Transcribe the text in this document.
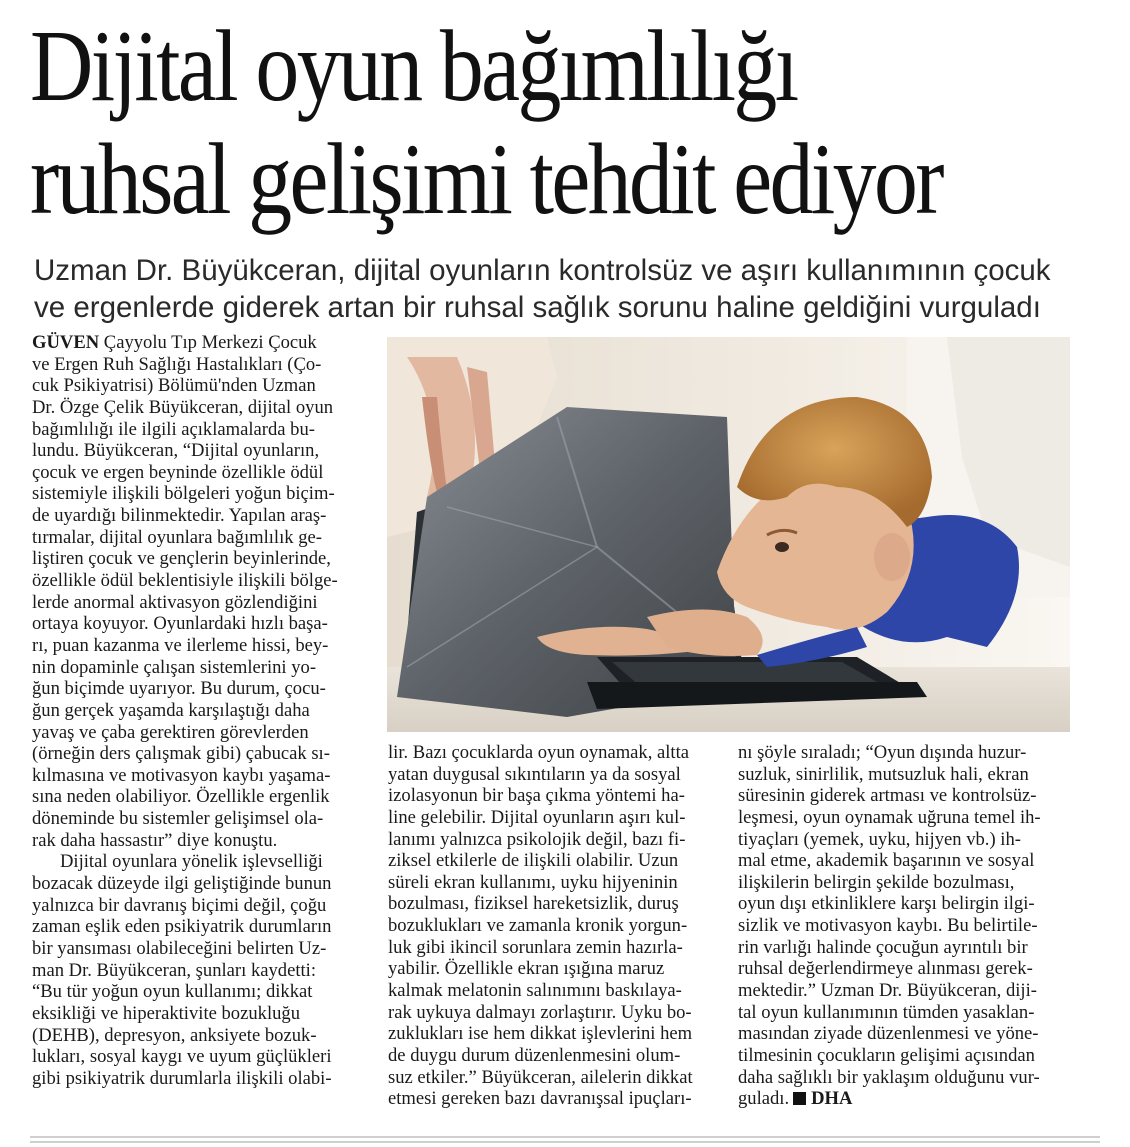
Dijital oyun bağımlılığı
ruhsal gelişimi tehdit ediyor

Uzman Dr. Büyükceran, dijital oyunların kontrolsüz ve aşırı kullanımının çocuk
ve ergenlerde giderek artan bir ruhsal sağlık sorunu haline geldiğini vurguladı

GÜVEN Çayyolu Tıp Merkezi Çocuk
ve Ergen Ruh Sağlığı Hastalıkları (Ço-
cuk Psikiyatrisi) Bölümü'nden Uzman
Dr. Özge Çelik Büyükceran, dijital oyun
bağımlılığı ile ilgili açıklamalarda bu-
lundu. Büyükceran, “Dijital oyunların,
çocuk ve ergen beyninde özellikle ödül
sistemiyle ilişkili bölgeleri yoğun biçim-
de uyardığı bilinmektedir. Yapılan araş-
tırmalar, dijital oyunlara bağımlılık ge-
liştiren çocuk ve gençlerin beyinlerinde,
özellikle ödül beklentisiyle ilişkili bölge-
lerde anormal aktivasyon gözlendiğini
ortaya koyuyor. Oyunlardaki hızlı başa-
rı, puan kazanma ve ilerleme hissi, bey-
nin dopaminle çalışan sistemlerini yo-
ğun biçimde uyarıyor. Bu durum, çocu-
ğun gerçek yaşamda karşılaştığı daha
yavaş ve çaba gerektiren görevlerden
(örneğin ders çalışmak gibi) çabucak sı-
kılmasına ve motivasyon kaybı yaşama-
sına neden olabiliyor. Özellikle ergenlik
döneminde bu sistemler gelişimsel ola-
rak daha hassastır” diye konuştu.
Dijital oyunlara yönelik işlevselliği
bozacak düzeyde ilgi geliştiğinde bunun
yalnızca bir davranış biçimi değil, çoğu
zaman eşlik eden psikiyatrik durumların
bir yansıması olabileceğini belirten Uz-
man Dr. Büyükceran, şunları kaydetti:
“Bu tür yoğun oyun kullanımı; dikkat
eksikliği ve hiperaktivite bozukluğu
(DEHB), depresyon, anksiyete bozuk-
lukları, sosyal kaygı ve uyum güçlükleri
gibi psikiyatrik durumlarla ilişkili olabi-
lir. Bazı çocuklarda oyun oynamak, altta
yatan duygusal sıkıntıların ya da sosyal
izolasyonun bir başa çıkma yöntemi ha-
line gelebilir. Dijital oyunların aşırı kul-
lanımı yalnızca psikolojik değil, bazı fi-
ziksel etkilerle de ilişkili olabilir. Uzun
süreli ekran kullanımı, uyku hijyeninin
bozulması, fiziksel hareketsizlik, duruş
bozuklukları ve zamanla kronik yorgun-
luk gibi ikincil sorunlara zemin hazırla-
yabilir. Özellikle ekran ışığına maruz
kalmak melatonin salınımını baskılaya-
rak uykuya dalmayı zorlaştırır. Uyku bo-
zuklukları ise hem dikkat işlevlerini hem
de duygu durum düzenlenmesini olum-
suz etkiler.” Büyükceran, ailelerin dikkat
etmesi gereken bazı davranışsal ipuçları-
nı şöyle sıraladı; “Oyun dışında huzur-
suzluk, sinirlilik, mutsuzluk hali, ekran
süresinin giderek artması ve kontrolsüz-
leşmesi, oyun oynamak uğruna temel ih-
tiyaçları (yemek, uyku, hijyen vb.) ih-
mal etme, akademik başarının ve sosyal
ilişkilerin belirgin şekilde bozulması,
oyun dışı etkinliklere karşı belirgin ilgi-
sizlik ve motivasyon kaybı. Bu belirtile-
rin varlığı halinde çocuğun ayrıntılı bir
ruhsal değerlendirmeye alınması gerek-
mektedir.” Uzman Dr. Büyükceran, diji-
tal oyun kullanımının tümden yasaklan-
masından ziyade düzenlenmesi ve yöne-
tilmesinin çocukların gelişimi açısından
daha sağlıklı bir yaklaşım olduğunu vur-
guladı. DHA
